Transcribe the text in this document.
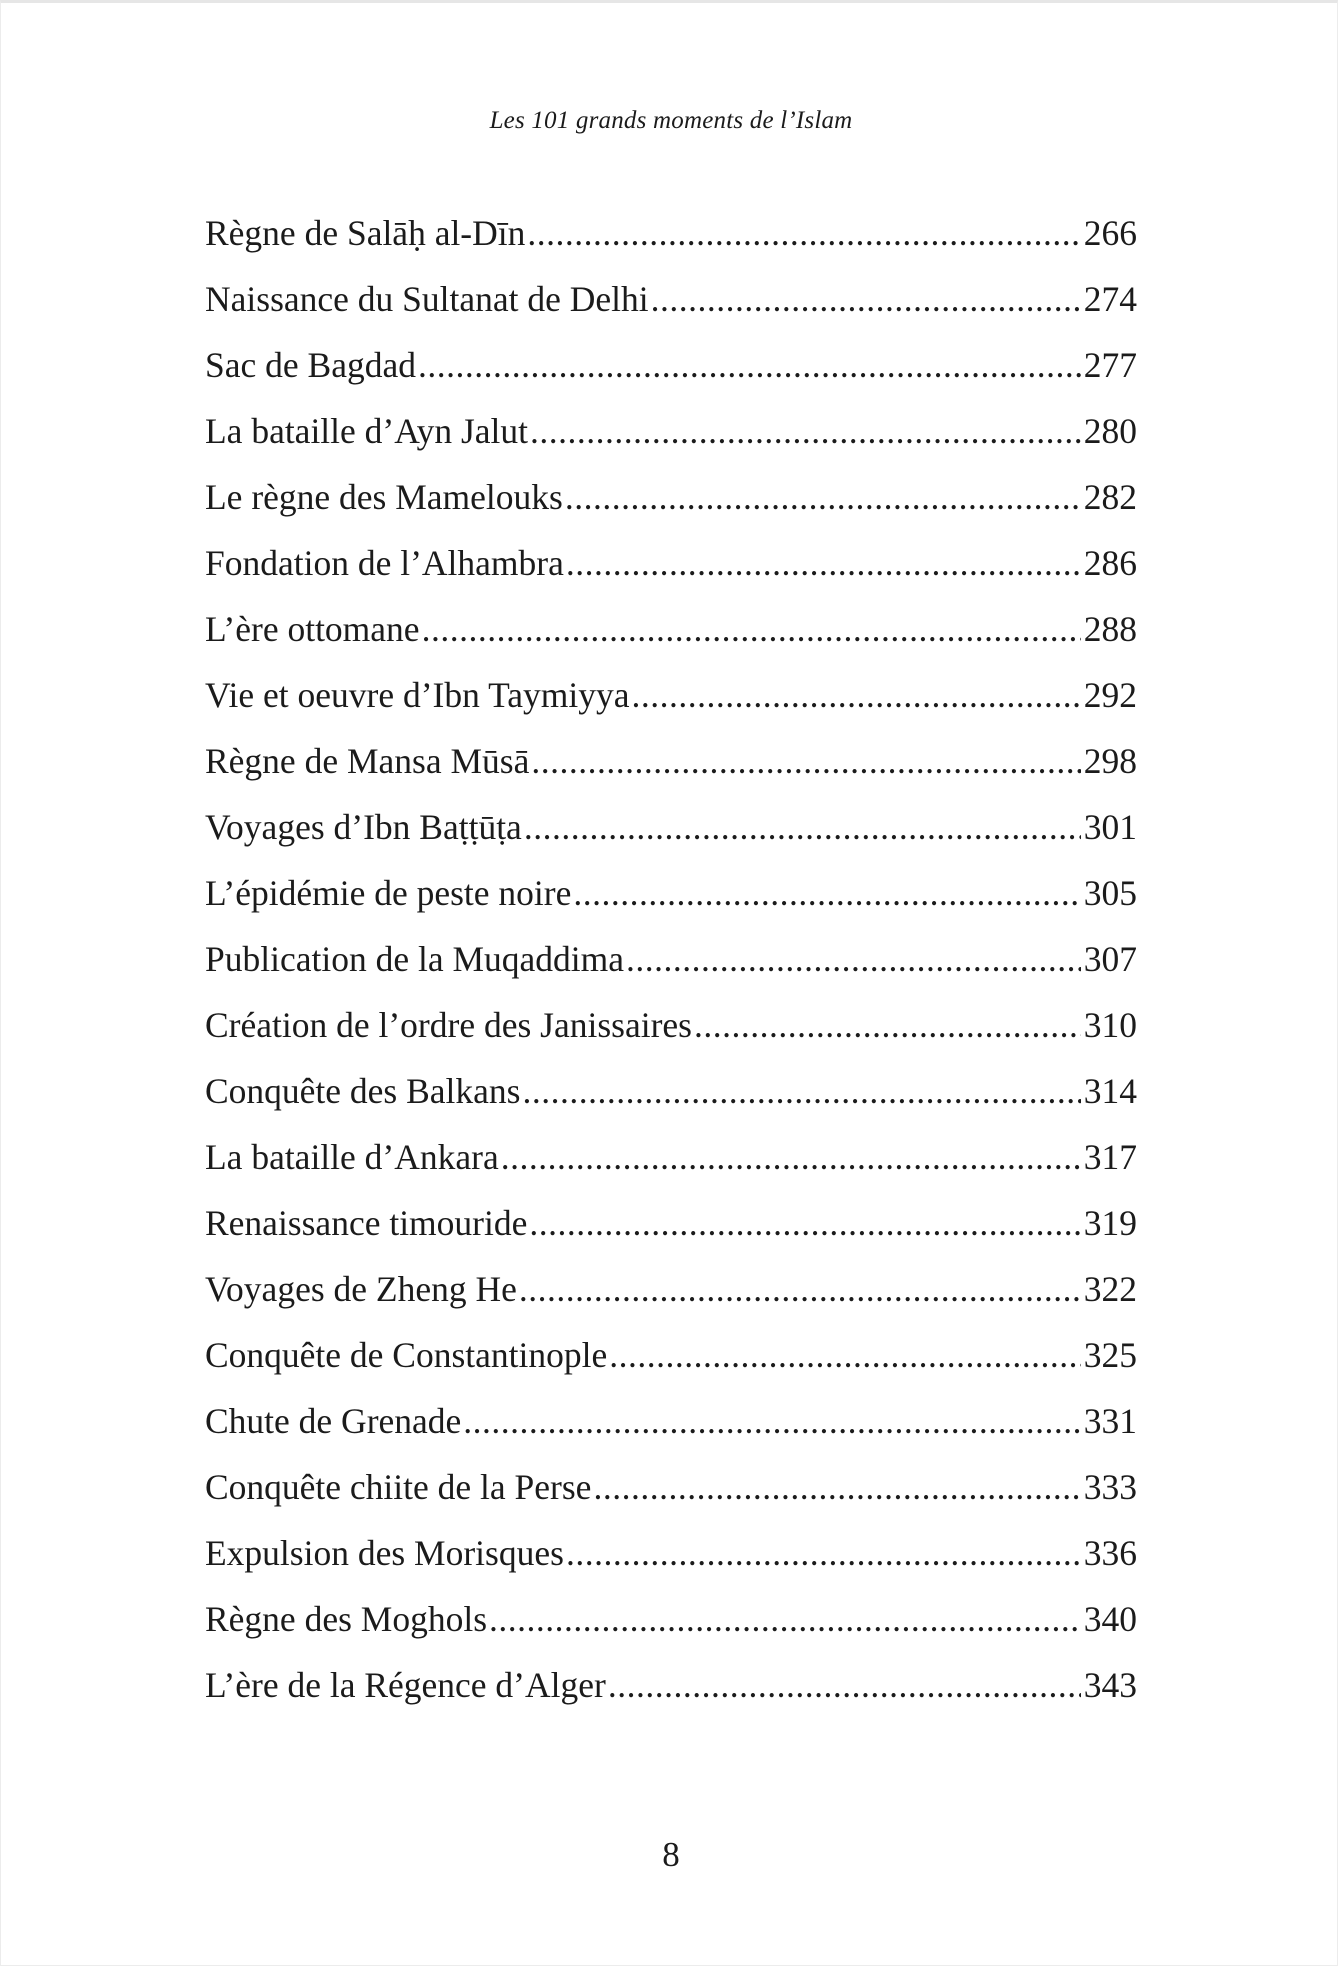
Les 101 grands moments de l’Islam
Règne de Salāḥ al-Dīn .....	266
Naissance du Sultanat de Delhi .....	274
Sac de Bagdad .....	277
La bataille d’Ayn Jalut .....	280
Le règne des Mamelouks .....	282
Fondation de l’Alhambra .....	286
L’ère ottomane .....	288
Vie et oeuvre d’Ibn Taymiyya .....	292
Règne de Mansa Mūsā .....	298
Voyages d’Ibn Baṭṭūṭa .....	301
L’épidémie de peste noire .....	305
Publication de la Muqaddima .....	307
Création de l’ordre des Janissaires .....	310
Conquête des Balkans .....	314
La bataille d’Ankara .....	317
Renaissance timouride .....	319
Voyages de Zheng He .....	322
Conquête de Constantinople .....	325
Chute de Grenade .....	331
Conquête chiite de la Perse .....	333
Expulsion des Morisques .....	336
Règne des Moghols .....	340
L’ère de la Régence d’Alger .....	343
8
